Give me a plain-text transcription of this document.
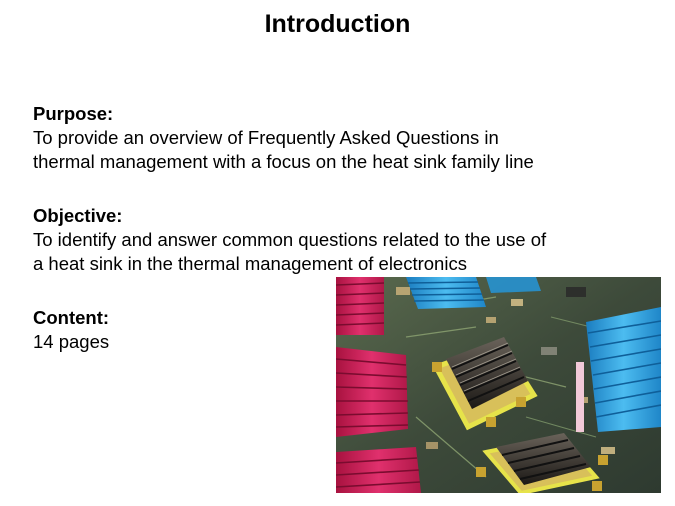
Introduction
Purpose:
To provide an overview of Frequently Asked Questions in
thermal management with a focus on the heat sink family line
Objective:
To identify and answer common questions related to the use of
a heat sink in the thermal management of electronics
Content:
14 pages
